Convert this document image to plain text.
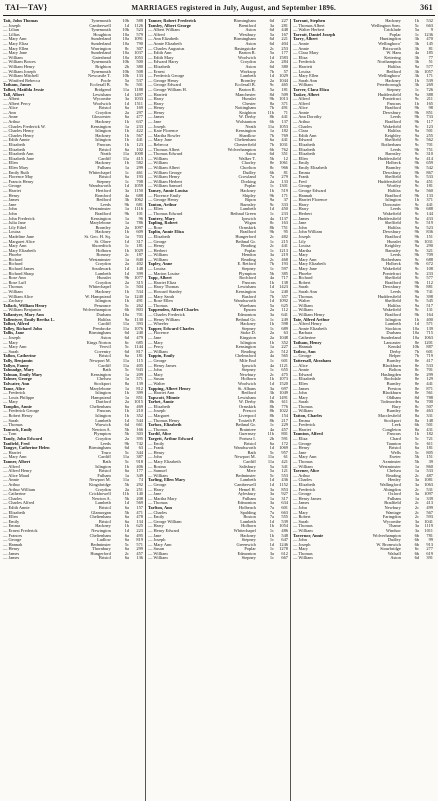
TAI—TAV}	MARRIAGES registered in July, August, and September 1896.	361
Tait, John Thomas	Tynemouth	10b	588
— Joseph	Camberwell	1d	1126
— Lilian	Tynemouth	10b	523
— Lillias	Houghton	10a	579
— Mary Ann	Sunderland	10a	1091
— Mary Eliza	Sunderland	10a	790
— Mary Ellen	Warrington	8c	307
— Mary Jane	Sunderland	10a	1037
— William	Gateshead	10a	1053
— William Bowes	Tynemouth	10b	500
— William Henry	Brighton	2b	380
— William Joseph	Tynemouth	10b	508
— William Mitchell	Newcastle T.	10b	133
— Winifred Rebecca	Poole	5a	537
Tatham, James	Ecclesall B.	9c	501
Talbot, Matilda Jessie	Bridgend	11a	1188
Tall, Albert	Lewisham	1d	1497
— Albert	Wycombe	3a	1033
— Albert Percy	Woolwich	1d	1511
— Alice	Bristol	6a	169
— Ann	Croydon	2a	297
— Anne	Gloucester	6a	477
— Arthur	Hackney	1b	637
— Charles Frederick W.	Kensington	1a	233
— Charles Henry	Islington	1b	422
— Charles Henry	Hackney	1b	567
— Edith Annie	Islington	1b	441
— Elizabeth	Pancras	1b	123
— Elizabeth	Bristol	6a	102
— Elizabeth Ann	Neath	11a	1008
— Elizabeth Jane	Cardiff	11a	415
— Ellen	Hackney	1b	582
— Ellen Mary	Fulham	1a	299
— Emily Ruth	Whitechapel	1c	461
— Florence May	Bristol	6a	193
— Francis Henry	Stepney	1c	708
— George	Wandsworth	1d	1059
— Harriet	Hertford	3a	1150
— Henry	Romford	4a	688
— James	Bedford	3b	1062
— Jane	Leeds	9b	681
— John	Westminster	1a	1116
— John	Bradford	9b	101
— John Frederick	Kensington	1a	96
— Julia Jane	Marylebone	1a	786
— Lily Ethel	Bromley	2a	1097
— Louisa	Hackney	1b	609
— Madeline Jane	St. Geo. H. Sq.	1a	703
— Margaret Alice	St. Olave	1d	317
— Mary Ann	Shoreditch	1c	181
— Mary Elizabeth	Holborn	1b	1029
— Phoebe	Romsey	2c	187
— Richard	Westminster	1a	840
— Richard	Croydon	2a	402
— Richard James	Southwark	1d	148
— Richard Sharp	Lambeth	1d	399
— Rose Ann	Hunslet	9b	1077
— Rose Luff	Croydon	2a	315
— Thomas	Whitechapel	1c	504
— William	Hackney	1b	534
— William Alice	W. Hampstead	1a	1240
— Zachary	Islington	1b	491
Tallack, William Henry	Penzance	5c	262
— William Benjamin	Wolverhampton	6b	803
Tallantyre, Mary Ann	Durham	10a	701
Tallentyre, Emily Bertha L.	Halifax	9a	1130
Talbot, Alfred	Cardiff	11a	393
Talley, Richard John	Pembroke	11a	1076
Tallis, Jane	Birmingham	6d	240
— Joseph	Aston	6d	479
— Mary	Kings Norton	6c	685
— Mary Ann	Yeovil	5c	1144
— Sarah	Coventry	6d	817
Tallon, Catherine	Bristol	6a	181
Tally, Benjamin	Newport M.	11a	115
Tallyn, Fanny	Cardiff	11a	405
Talmadge, Mary	Bath	5c	943
Talman, Emily Mary	Kensington	1a	209
Talmer, George	Chelsea	1a	571
Talwater, Ann	Stockport	8a	139
Tame, Alice	Marylebone	1a	812
— Frederick	Islington	1b	399
— Louis Philippe	Hampstead	1a	851
— Mary	Dartford	2a	1015
Tamplin, Annie	Cheltenham	6a	469
— Frederick George	Pancras	1b	210
— Robert Henry	Islington	1b	352
— Sarah	Lambeth	1d	544
— Thomas	Warwick	6d	661
Tancock, Emily	Newton A.	5b	166
— Tom	Plympton	5b	303
Tandy, John Edward	Croydon	2a	395
Tanfield, Fred	Leeds	9b	742
Tangye, Catherine Helen	Birmingham	6d	63
— Harriet	Truro	5c	344
— Mary Ann	Cardiff	11a	387
Tanner, Albert	Bath	5c	918
— Alfred	Islington	1b	406
— Alfred Henry	Bristol	6a	177
— Alice Maud	Fulham	1a	349
— Annie	Newport M.	11a	74
— Arthur	Kingsbridge	5b	292
— Arthur William	Croydon	2a	251
— Catherine	Crickhowell	11b	140
— Charles	Newton A.	5b	208
— Charles Alfred	Lambeth	1d	569
— Edith Annie	Bristol	6a	157
— Elizabeth	Glamorgan	5b	471
— Ellen	Cheltenham	6a	478
— Emily	Bristol	6a	134
— Emma	Hackney	1b	625
— Ernest Frederick	Newington	1d	223
— Frances	Cheltenham	6a	495
— George	Ludlow	6a	819
— Hannah	Bedminster	5c	571
— Henry	Thornbury	6a	299
— James	Hungerford	2c	457
— James	Bristol	6a	136
Tanner, Robert Frederick	Birmingham	6d	227
Tansley, Albert George	Brentford	3a	281
— Albert William	Aston	6d	448
— Alfred	Westbury	5a	167
— Ann Elizabeth	Birmingham	6d	221
— Annie Elizabeth	Aston	6d	404
— Charles Augustus	Basingstoke	2c	253
— Edith Ann	Barton R.	5a	177
— Edith Mary	Woolwich	1d	1583
— Edward Harry	Croydon	2a	284
— Elizabeth	Aston	6d	380
— Ernest	Worksop	7b	57
— Frederick George	Lambeth	1d	1029
— George Henry	Bromley	2a	1044
— George Edward	Ecclesall B.	9c	465
— George William H.	Barton R.	5a	181
— Harriett	Manchester	8d	509
— Harry	Hunslet	9b	1013
— Harry	Chester	8a	371
— Henry	Nottingham	7b	491
— Henry	Knighton	11b	71
— James	W. Derby	8b	441
— Jane	Wolstanton	6b	137
— Joseph	Neath	11a	1053
— Kate Florence	Kensington	1a	182
— Martha Bowler	Shardlow	7b	769
— Mary Jane	Cheltenham	6a	441
— Rebecca	Chesterfield	7b	1031
— Thomas Albert	Wolverhampton	6b	762
— Thomas Edward	Aston	6d	351
— William	Walker T.	5b	12
— William	Chorley	8e	1061
— William Albert	Chorlton	8c	966
— William George	Dudley	6b	81
— William Henry	Crowland	7a	279
— William Herbert	Dorking	2a	133
— William Samuel	Poplar	1c	1301
Tansey, Annie Louisa	Hackney	1b	519
— Florence Emily	Shipley	9b	171
— George Henry	Ripon	9a	37
Tanton, Arthur	Barnsley	9c	333
— Ellen	Lambeth	1d	450
— Thomas Edward	Bethnal Green	1c	233
Tantrey, Mary	Ipswich	4a	1137
Tapling, Robert	Wigan	8c	163
— Rose	Ormskirk	8b	751
Taplin, Annie Eliza	Bradford	9b	95
— Elizabeth	Hungerford	2c	482
— George	Bethnal Gr.	1c	215
— Henry	Reading	2c	441
— Herbert	Poplar	1c	1213
— William	Hendon	3a	219
— William	Reading	2c	468
Tapley, Anne	E. Retford	7b	193
— Louisa	Stepney	1c	597
— Marion Louise	Plympton	5b	385
Tapp, Albert	Rochford	4a	717
— Harriet Eliza	Pancras	1b	138
— Harry Thomas	Lewisham	1d	1423
— Howard Stanley	Kensington	1a	240
— Mary Sarah	Basford	7b	357
— Rose Ellen	Wandsworth	1d	1092
— Thomas	Wareham	5a	625
Tappenden, Alfred Charles	Epsom	2a	112
— Charles Frederick	Edmonton	3a	641
— Henry William	Bethnal Gr.	1c	249
— Wheeler	Hackney	1b	598
Tapper, Edward Charles	Stepney	1c	689
— Florence	Stoke D.	2a	63
— Jane	Kingston	2a	1048
— Mary	Islington	1b	352
— Percy	Kensington	1a	227
— William	Reading	2c	512
Tappin, Emily	Chelmsford	4a	565
— George	Mile End	1c	601
— Henry James	Ipswich	4a	1121
— John	Stepney	1c	655
— Mary	Newbury	2c	475
— Susan	Holborn	1b	1073
— Walter	Woolwich	1d	1520
Tapping, Albert Henry	St. Albans	3a	697
— Harriet Ann	Bedford	3b	1049
Tapscott, Minnie	Lewisham	1d	1491
Tarbet, Annie	W. Derby	8b	611
— Elizabeth	Ormskirk	8b	776
— Joseph	Prescot	8b	1022
— Margaret	Liverpool	8b	154
— Thomas Henry	Toxteth P.	8b	217
Tarbox, Elizabeth	Bethnal Gr.	1c	229
— Thomas	Braintree	4a	457
Tardif, Alice	Guernsey	11b	801
Targett, Arthur Edward	Portsea I.	2b	591
— Emily	Bristol	6a	172
— Frank	Wandsworth	1d	1069
— Henry	Bath	5c	957
— John	Newport M.	11a	61
— Mary Elizabeth	Cardiff	11a	421
— Rosina	Salisbury	5a	341
— Samuel	Mere	5a	121
— William	Bedminster	5c	553
Tarling, Ellen Mary	Lambeth	1d	436
— George	Camberwell	1d	1152
— Harry	Hemel H.	3a	853
— Jane	Aylesbury	3a	927
— Martha Mary	Fulham	1a	317
— Thomas	Edmonton	3a	634
Tarlton, Ann	Holbeach	7a	601
— Charles	Spalding	7a	663
— Emily	Boston	7a	555
— George William	Lambeth	1d	539
— Harry	Holborn	1b	1054
— Henry Edward	Whitechapel	1c	486
— Jane	Hackney	1b	548
— Joseph	Stepney	1c	647
— Mary Ann	Greenwich	1d	1246
— Susan	Poplar	1c	1278
— William	Edmonton	3a	612
— William	Stepney	1c	667
Tarrant, Stephen	Hackney	1b	532
— Thomas Albert	Wellington Som.	5c	663
— Walter Herbert	Cricklade	5a	9
Tarratt, Daniel Joseph	Poplar	1c	1236
Tarry, Albert	Huntingdon	3b	470
— Annie	Wellingboro'	3b	145
— Annie	Brixworth	3b	81
— Clara Mary	W. Ham	4a	185
— Eliza	Kettering	3b	77
— Frederick	Northampton	3b	51
— Harriett	Halifax	9a	577
— Louisa	Bedford	3b	1057
— Mary Ellen	Wellingboro'	3b	171
— Sarah Ann	Hackney	1b	539
— William	Peterborough	3b	269
Tarver, Clara Eliza	Stepney	1c	726
Tasker, Albert	Huddersfield	9a	388
— Alfred	Pontefract	9c	211
— Alfred	Pancras	1b	165
— Alice	Bradford	9b	98
— Annie	Dewsbury	9b	851
— Ann Dorothy	Leeds	9b	733
— Arthur	Bradford	9b	117
— Charles	Wakefield	9c	123
— Clara	Halifax	9a	501
— Edith Ann	Keighley	9a	255
— Edward	Sheffield	9c	562
— Elizabeth	Rotherham	9c	701
— Elizabeth	Leeds	9b	751
— Elizabeth	Barnsley	9c	310
— Ellen	Huddersfield	9a	414
— Emily	Holbeck	9b	659
— Emily Elizabeth	Bramley	9b	542
— Emma	Dewsbury	9b	867
— Frank	Sheffield	9c	533
— Fred	Huddersfield	9a	451
— George	Wortley	9c	181
— George Edward	Halifax	9a	560
— Hannah	Bradford	9b	133
— Harriet Florence	Islington	1b	371
— Harry	Doncaster	9c	441
— Harry	Leeds	9b	688
— Herbert	Wakefield	9c	144
— James	Huddersfield	9a	433
— Jane	Sheffield	9c	519
— John	Halifax	9a	523
— John William	Dewsbury	9b	836
— Joseph	Bradford	9b	151
— Lily	Hunslet	9b	1031
— Louisa	Keighley	9a	290
— Martha	Barnsley	9c	321
— Mary	Leeds	9b	709
— Mary Ann	Rotherham	9c	688
— Mary Elizabeth	Holbeck	9b	672
— Mary Jane	Wakefield	9c	108
— Phoebe	Pontefract	9c	233
— Richard	Sheffield	9c	577
— Robert	Bradford	9b	112
— Sarah	Dewsbury	9b	881
— Sarah Ann	Leeds	9b	741
— Thomas	Huddersfield	9a	398
— Walter	Sheffield	9c	545
— William	Halifax	9a	517
— William	Wakefield	9c	131
— William Henry	Bradford	9b	164
Tate, Alfred Arthur	Islington	1b	400
— Alfred Henry	Lambeth	1d	571
— Annie Elizabeth	Stockton	10a	139
— Barbara	Durham	10a	715
— Catherine	Sunderland	10a	1063
Tatham, Henry	Lancaster	8e	1201
— Hannah	Kendal	10b	887
Tatlow, Ann	Derby	7b	601
— George	Belper	7b	719
Tattersall, Abraham	Burnley	8e	417
— Alice	Blackburn	8e	533
— Annie	Bolton	8c	701
— Edward	Haslingden	8e	299
— Elizabeth	Rochdale	8e	129
— Ellen	Burnley	8e	441
— James	Preston	8e	871
— John	Blackburn	8e	561
— Mary	Oldham	8d	788
— Sarah	Todmorden	9a	700
— Thomas	Bury	8c	507
— William	Burnley	8e	463
Tatton, Charles	Macclesfield	8a	331
— Emma	Stockport	8a	148
— Frederick	Leek	6b	501
— Harriet	Congleton	8a	431
Taunton, Alfred	Pancras	1b	182
— Eliza	Chard	5c	721
— George	Taunton	5c	611
— Henry	Bristol	6a	181
— Jane	Wells	5c	805
— Mary Ann	Exeter	5b	151
— Thomas	Axminster	5b	39
— William	Westminster	1a	860
Tavener, Alice	Chelsea	1a	533
— Arthur	Reading	2c	487
— Charles	Henley	3a	1081
— Elizabeth	Wallingford	3a	1063
— Frederick	Abingdon	2c	531
— George	Oxford	3a	1097
— Henry James	Fulham	1a	339
— James	Bradfield	2c	413
— John	Newbury	2c	499
— Mary	Wantage	2c	567
— Robert	Faringdon	2c	593
— Sarah	Wycombe	3a	1041
— Thomas	Thame	3a	1119
— William	Windsor	3a	1011
Tavernor, Annie	Wolverhampton	6b	781
— John	Dudley	6b	99
— Joseph	W. Bromwich	6b	913
— Mary	Stourbridge	6c	277
— Thomas	Walsall	6b	619
— William	Aston	6d	391
